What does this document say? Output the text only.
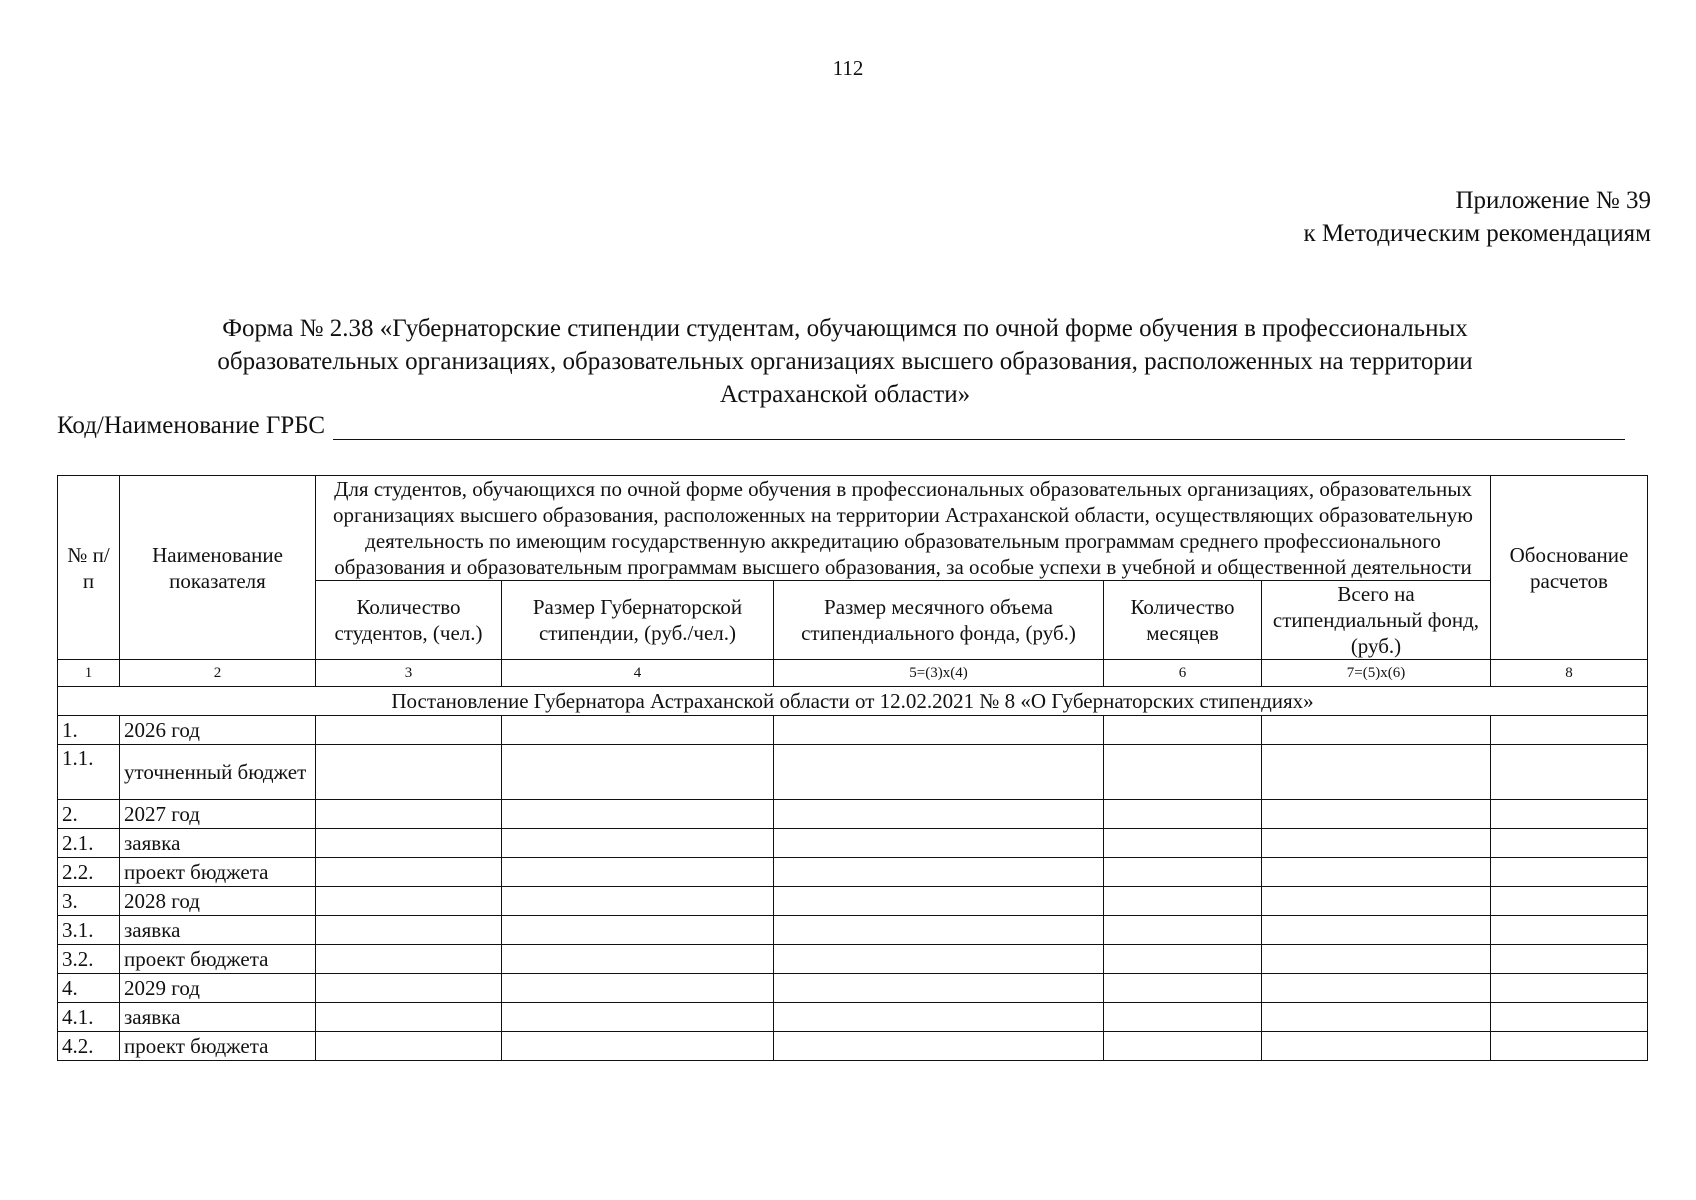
112
Приложение № 39
к Методическим рекомендациям
Форма № 2.38 «Губернаторские стипендии студентам, обучающимся по очной форме обучения в профессиональных
образовательных организациях, образовательных организациях высшего образования, расположенных на территории
Астраханской области»
Код/Наименование ГРБС
№ п/п	Наименование показателя	Для студентов, обучающихся по очной форме обучения в профессиональных образовательных организациях, образовательных организациях высшего образования, расположенных на территории Астраханской области, осуществляющих образовательную деятельность по имеющим государственную аккредитацию образовательным программам среднего профессионального образования и образовательным программам высшего образования, за особые успехи в учебной и общественной деятельности					Обоснование расчетов
		Количество студентов, (чел.)	Размер Губернаторской стипендии, (руб./чел.)	Размер месячного объема стипендиального фонда, (руб.)	Количество месяцев	Всего на стипендиальный фонд, (руб.)	
1	2	3	4	5=(3)х(4)	6	7=(5)х(6)	8
Постановление Губернатора Астраханской области от 12.02.2021 № 8 «О Губернаторских стипендиях»							
1.	2026 год						
1.1.	уточненный бюджет						
2.	2027 год						
2.1.	заявка						
2.2.	проект бюджета						
3.	2028 год						
3.1.	заявка						
3.2.	проект бюджета						
4.	2029 год						
4.1.	заявка						
4.2.	проект бюджета						
